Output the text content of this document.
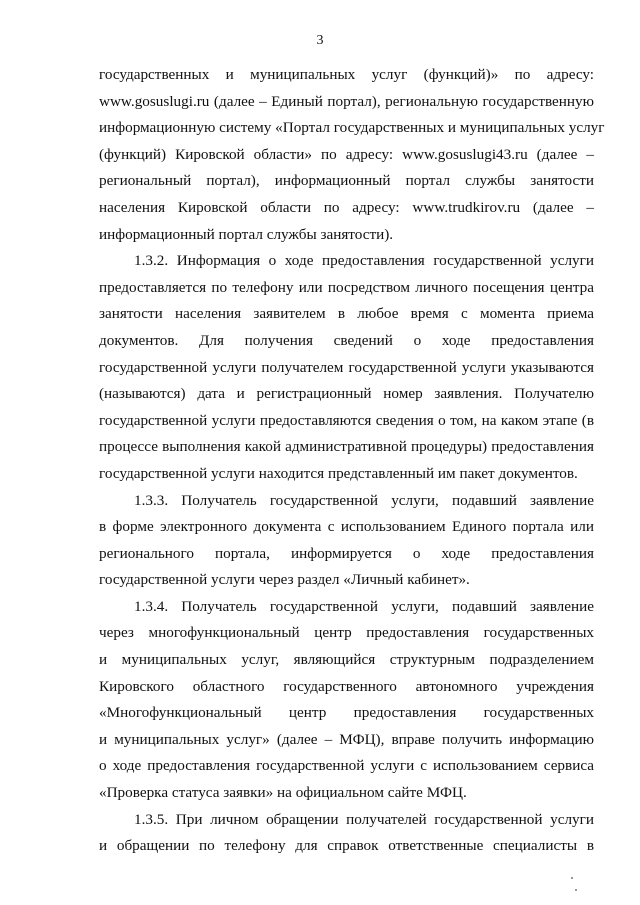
3
государственных и муниципальных услуг (функций)» по адресу:
www.gosuslugi.ru (далее – Единый портал), региональную государственную
информационную систему «Портал государственных и муниципальных услуг
(функций) Кировской области» по адресу: www.gosuslugi43.ru (далее –
региональный портал), информационный портал службы занятости
населения Кировской области по адресу: www.trudkirov.ru (далее –
информационный портал службы занятости).
1.3.2. Информация о ходе предоставления государственной услуги
предоставляется по телефону или посредством личного посещения центра
занятости населения заявителем в любое время с момента приема
документов. Для получения сведений о ходе предоставления
государственной услуги получателем государственной услуги указываются
(называются) дата и регистрационный номер заявления. Получателю
государственной услуги предоставляются сведения о том, на каком этапе (в
процессе выполнения какой административной процедуры) предоставления
государственной услуги находится представленный им пакет документов.
1.3.3. Получатель государственной услуги, подавший заявление
в форме электронного документа с использованием Единого портала или
регионального портала, информируется о ходе предоставления
государственной услуги через раздел «Личный кабинет».
1.3.4. Получатель государственной услуги, подавший заявление
через многофункциональный центр предоставления государственных
и муниципальных услуг, являющийся структурным подразделением
Кировского областного государственного автономного учреждения
«Многофункциональный центр предоставления государственных
и муниципальных услуг» (далее – МФЦ), вправе получить информацию
о ходе предоставления государственной услуги с использованием сервиса
«Проверка статуса заявки» на официальном сайте МФЦ.
1.3.5. При личном обращении получателей государственной услуги
и обращении по телефону для справок ответственные специалисты в
